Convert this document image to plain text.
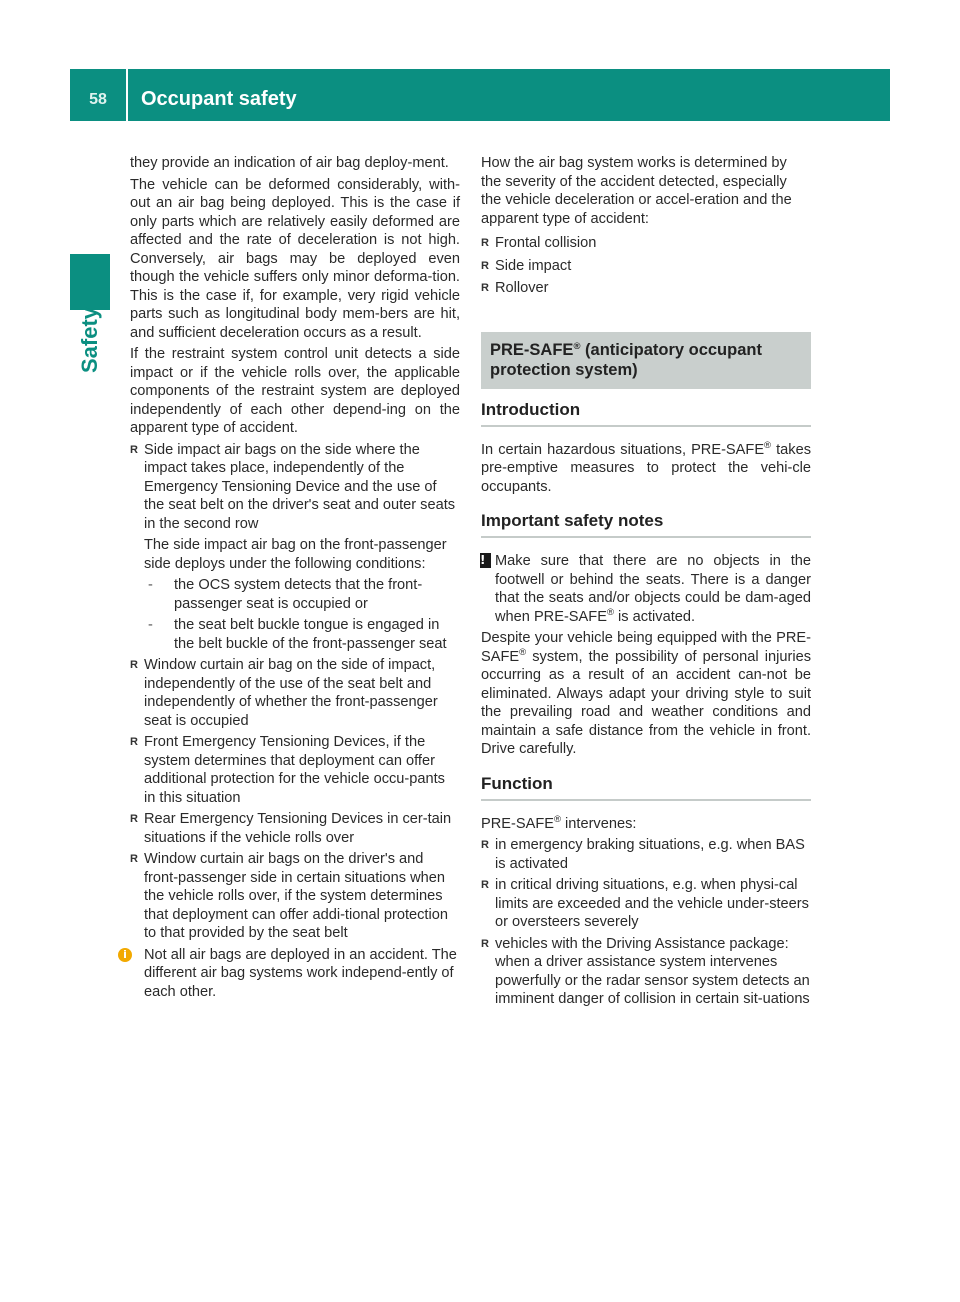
58	Occupant safety
Safety

they provide an indication of air bag deploy-ment.

The vehicle can be deformed considerably, with-out an air bag being deployed. This is the case if only parts which are relatively easily deformed are affected and the rate of deceleration is not high. Conversely, air bags may be deployed even though the vehicle suffers only minor deforma-tion. This is the case if, for example, very rigid vehicle parts such as longitudinal body mem-bers are hit, and sufficient deceleration occurs as a result.

If the restraint system control unit detects a side impact or if the vehicle rolls over, the applicable components of the restraint system are deployed independently of each other depend-ing on the apparent type of accident.

R Side impact air bags on the side where the impact takes place, independently of the Emergency Tensioning Device and the use of the seat belt on the driver's seat and outer seats in the second row

The side impact air bag on the front-passenger side deploys under the following conditions:

- the OCS system detects that the front-passenger seat is occupied or
- the seat belt buckle tongue is engaged in the belt buckle of the front-passenger seat
R Window curtain air bag on the side of impact, independently of the use of the seat belt and independently of whether the front-passenger seat is occupied
R Front Emergency Tensioning Devices, if the system determines that deployment can offer additional protection for the vehicle occu-pants in this situation
R Rear Emergency Tensioning Devices in cer-tain situations if the vehicle rolls over
R Window curtain air bags on the driver's and front-passenger side in certain situations when the vehicle rolls over, if the system determines that deployment can offer addi-tional protection to that provided by the seat belt
i	Not all air bags are deployed in an accident. The different air bag systems work independ-ently of each other.

How the air bag system works is determined by the severity of the accident detected, especially the vehicle deceleration or accel-eration and the apparent type of accident:

R Frontal collision
R Side impact
R Rollover
PRE-SAFE® (anticipatory occupant protection system)
Introduction

In certain hazardous situations, PRE-SAFE® takes pre-emptive measures to protect the vehi-cle occupants.

Important safety notes
! Make sure that there are no objects in the footwell or behind the seats. There is a danger that the seats and/or objects could be dam-aged when PRE-SAFE® is activated.

Despite your vehicle being equipped with the PRE-SAFE® system, the possibility of personal injuries occurring as a result of an accident can-not be eliminated. Always adapt your driving style to suit the prevailing road and weather conditions and maintain a safe distance from the vehicle in front. Drive carefully.

Function

PRE-SAFE® intervenes:

R in emergency braking situations, e.g. when BAS is activated
R in critical driving situations, e.g. when physi-cal limits are exceeded and the vehicle under-steers or oversteers severely
R vehicles with the Driving Assistance package: when a driver assistance system intervenes powerfully or the radar sensor system detects an imminent danger of collision in certain sit-uations
